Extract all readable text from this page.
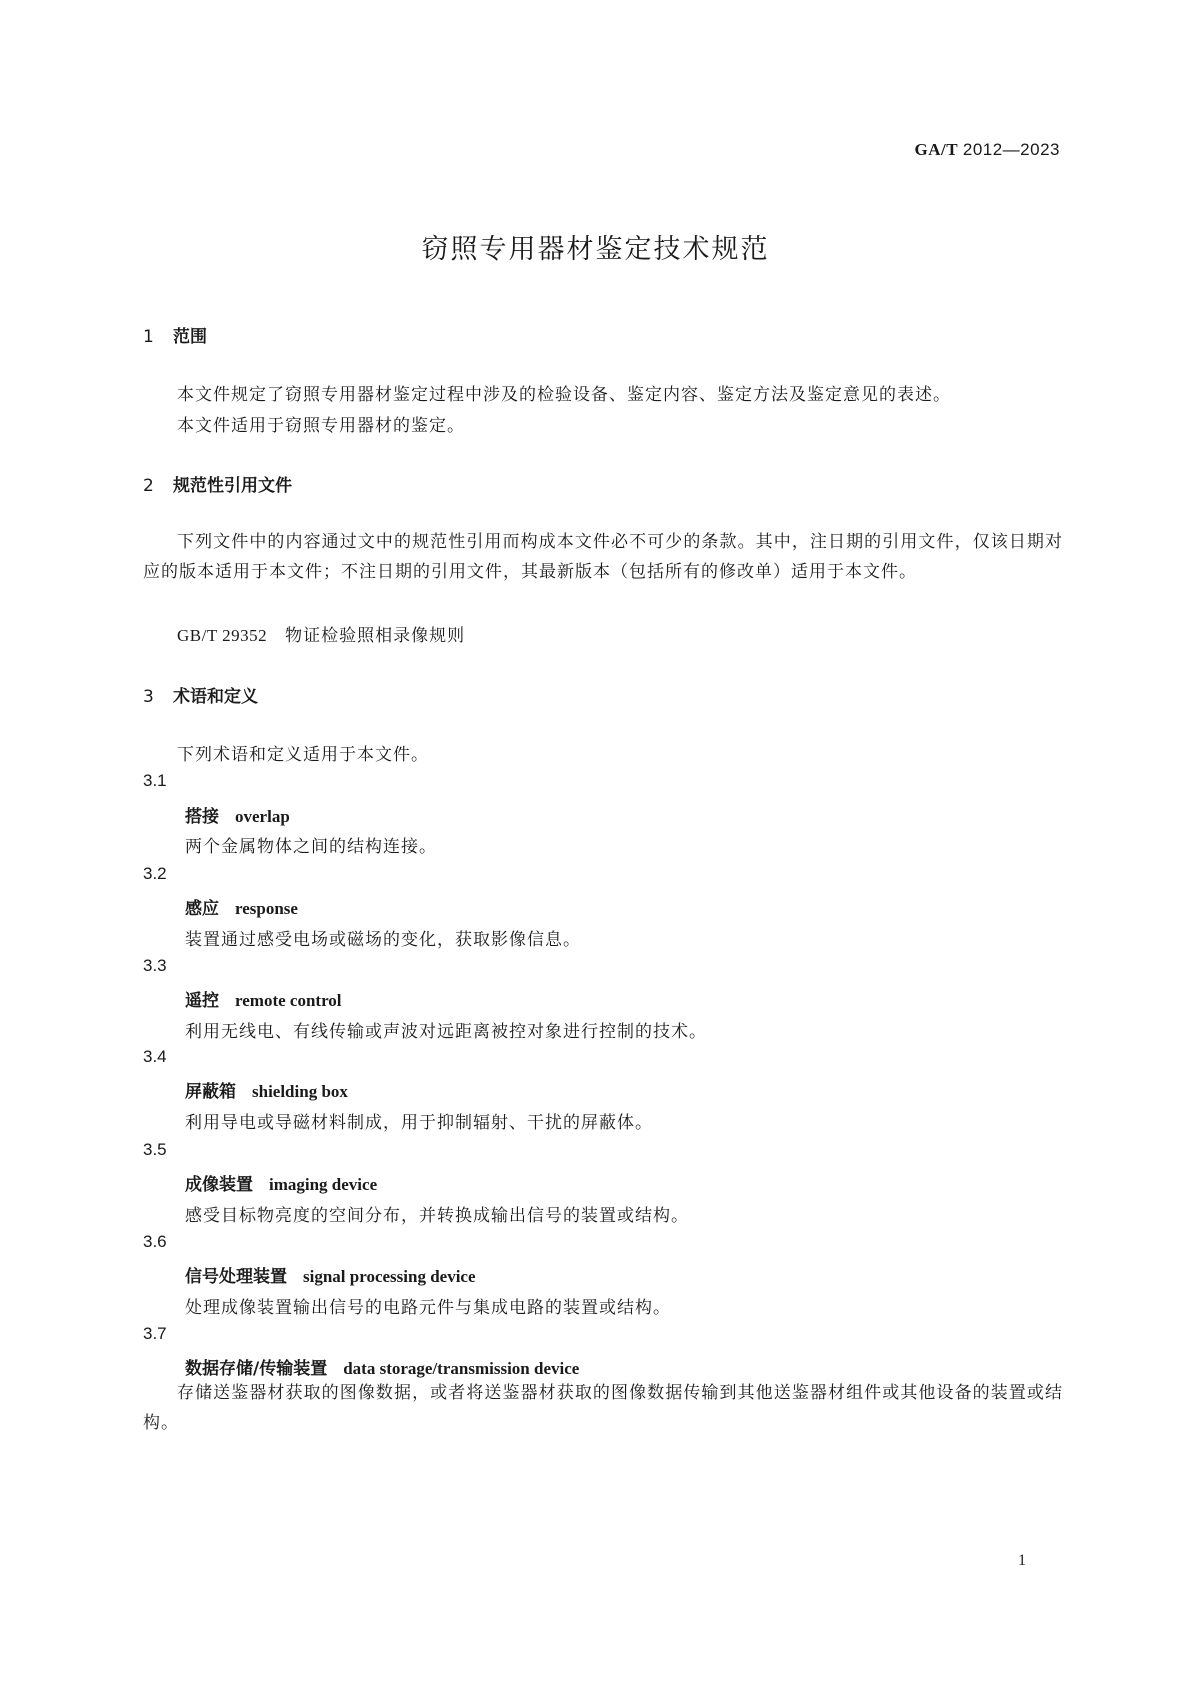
GA/T 2012—2023
窃照专用器材鉴定技术规范
1 范围
本文件规定了窃照专用器材鉴定过程中涉及的检验设备、鉴定内容、鉴定方法及鉴定意见的表述。
本文件适用于窃照专用器材的鉴定。
2 规范性引用文件
下列文件中的内容通过文中的规范性引用而构成本文件必不可少的条款。其中，注日期的引用文件，仅该日期对应的版本适用于本文件；不注日期的引用文件，其最新版本（包括所有的修改单）适用于本文件。
GB/T 29352 物证检验照相录像规则
3 术语和定义
下列术语和定义适用于本文件。
3.1
搭接 overlap
两个金属物体之间的结构连接。
3.2
感应 response
装置通过感受电场或磁场的变化，获取影像信息。
3.3
遥控 remote control
利用无线电、有线传输或声波对远距离被控对象进行控制的技术。
3.4
屏蔽箱 shielding box
利用导电或导磁材料制成，用于抑制辐射、干扰的屏蔽体。
3.5
成像装置 imaging device
感受目标物亮度的空间分布，并转换成输出信号的装置或结构。
3.6
信号处理装置 signal processing device
处理成像装置输出信号的电路元件与集成电路的装置或结构。
3.7
数据存储/传输装置 data storage/transmission device
存储送鉴器材获取的图像数据，或者将送鉴器材获取的图像数据传输到其他送鉴器材组件或其他设备的装置或结构。
1
